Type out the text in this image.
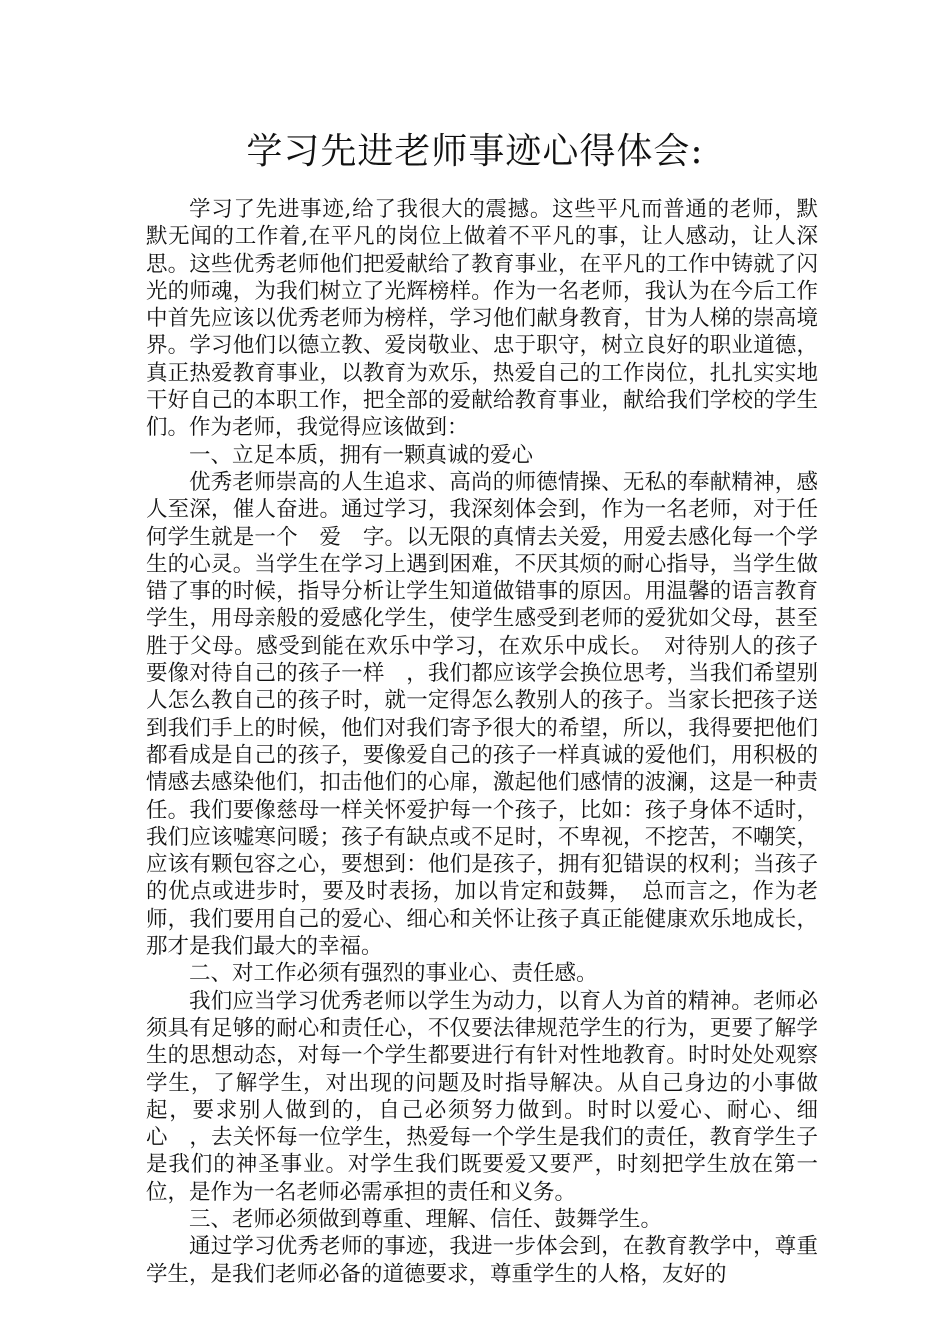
学习先进老师事迹心得体会:

学习了先进事迹,给了我很大的震撼。这些平凡而普通的老师，默默无闻的工作着,在平凡的岗位上做着不平凡的事，让人感动，让人深思。这些优秀老师他们把爱献给了教育事业，在平凡的工作中铸就了闪光的师魂，为我们树立了光辉榜样。作为一名老师，我认为在今后工作中首先应该以优秀老师为榜样，学习他们献身教育，甘为人梯的崇高境界。学习他们以德立教、爱岗敬业、忠于职守，树立良好的职业道德，真正热爱教育事业，以教育为欢乐，热爱自己的工作岗位，扎扎实实地干好自己的本职工作，把全部的爱献给教育事业，献给我们学校的学生们。作为老师，我觉得应该做到：

一、立足本质，拥有一颗真诚的爱心

优秀老师崇高的人生追求、高尚的师德情操、无私的奉献精神，感人至深，催人奋进。通过学习，我深刻体会到，作为一名老师，对于任何学生就是一个　爱　字。以无限的真情去关爱，用爱去感化每一个学生的心灵。当学生在学习上遇到困难，不厌其烦的耐心指导，当学生做错了事的时候，指导分析让学生知道做错事的原因。用温馨的语言教育学生，用母亲般的爱感化学生，使学生感受到老师的爱犹如父母，甚至胜于父母。感受到能在欢乐中学习，在欢乐中成长。　对待别人的孩子要像对待自己的孩子一样　，我们都应该学会换位思考，当我们希望别人怎么教自己的孩子时，就一定得怎么教别人的孩子。当家长把孩子送到我们手上的时候，他们对我们寄予很大的希望，所以，我得要把他们都看成是自己的孩子，要像爱自己的孩子一样真诚的爱他们，用积极的情感去感染他们，扣击他们的心扉，激起他们感情的波澜，这是一种责任。我们要像慈母一样关怀爱护每一个孩子，比如：孩子身体不适时，我们应该嘘寒问暖；孩子有缺点或不足时，不卑视，不挖苦，不嘲笑，应该有颗包容之心，要想到：他们是孩子，拥有犯错误的权利；当孩子的优点或进步时，要及时表扬，加以肯定和鼓舞，　总而言之，作为老师，我们要用自己的爱心、细心和关怀让孩子真正能健康欢乐地成长，那才是我们最大的幸福。

二、对工作必须有强烈的事业心、责任感。

我们应当学习优秀老师以学生为动力，以育人为首的精神。老师必须具有足够的耐心和责任心，不仅要法律规范学生的行为，更要了解学生的思想动态，对每一个学生都要进行有针对性地教育。时时处处观察学生，了解学生，对出现的问题及时指导解决。从自己身边的小事做起，要求别人做到的，自己必须努力做到。时时以爱心、耐心、细心　，去关怀每一位学生，热爱每一个学生是我们的责任，教育学生子是我们的神圣事业。对学生我们既要爱又要严，时刻把学生放在第一位，是作为一名老师必需承担的责任和义务。

三、老师必须做到尊重、理解、信任、鼓舞学生。

通过学习优秀老师的事迹，我进一步体会到，在教育教学中，尊重学生，是我们老师必备的道德要求，尊重学生的人格，友好的
